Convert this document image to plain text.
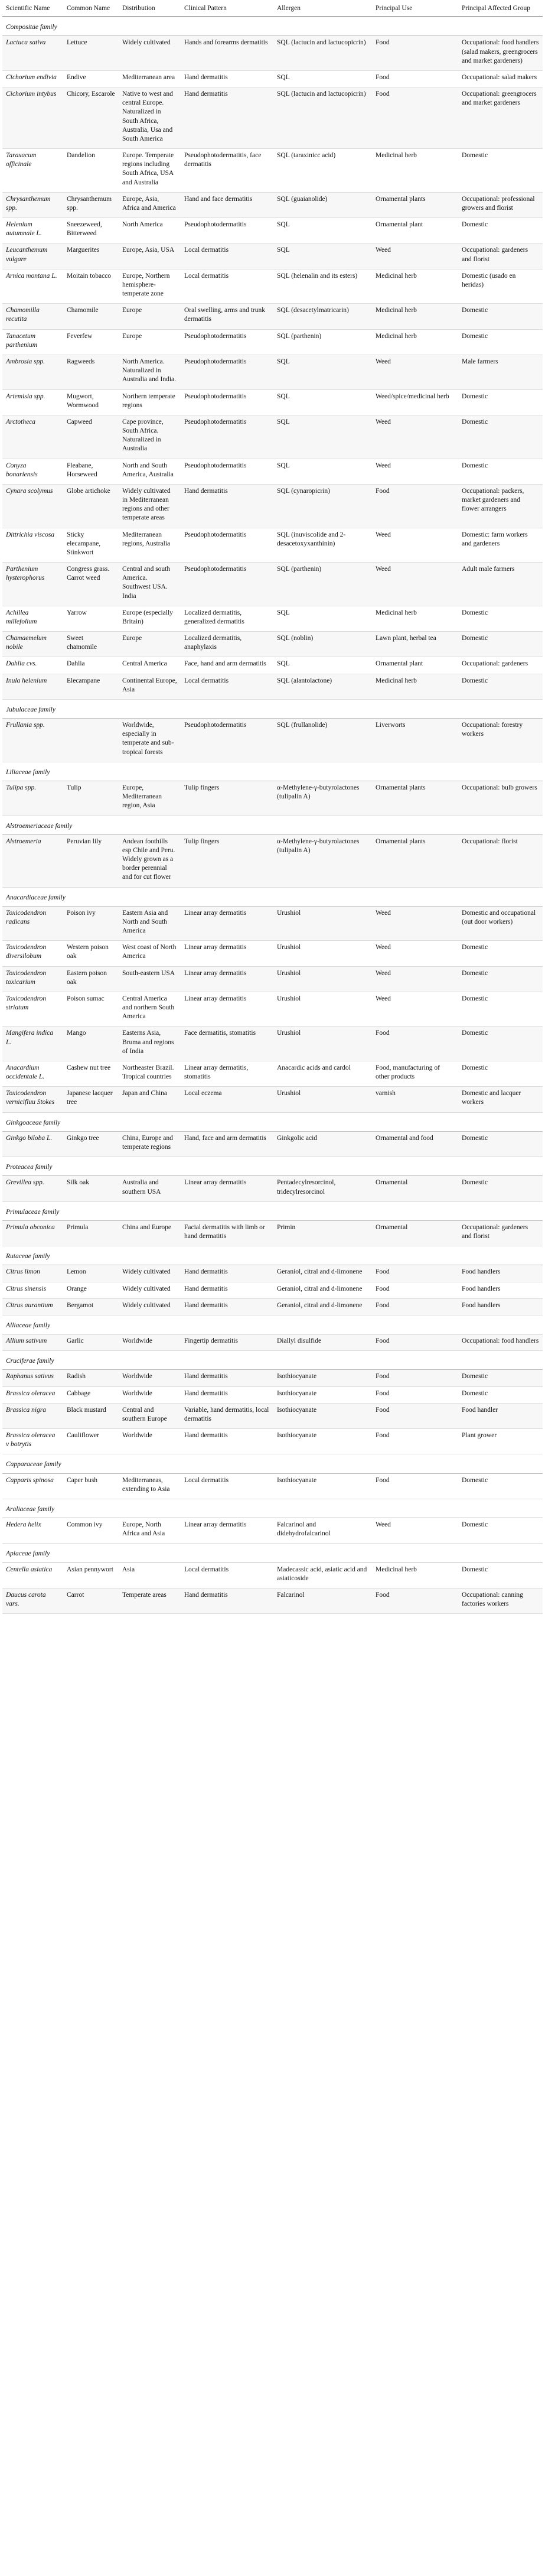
Scientific Name	Common Name	Distribution	Clinical Pattern	Allergen	Principal Use	Principal Affected Group
Compositae family						
Lactuca sativa	Lettuce	Widely cultivated	Hands and forearms dermatitis	SQL (lactucin and lactucopicrin)	Food	Occupational: food handlers (salad makers, greengrocers and market gardeners)
Cichorium endivia	Endive	Mediterranean area	Hand dermatitis	SQL	Food	Occupational: salad makers
Cichorium intybus	Chicory, Escarole	Native to west and central Europe. Naturalized in South Africa, Australia, Usa and South America	Hand dermatitis	SQL (lactucin and lactucopicrin)	Food	Occupational: greengrocers and market gardeners
Taraxacum officinale	Dandelion	Europe. Temperate regions including South Africa, USA and Australia	Pseudophotodermatitis, face dermatitis	SQL (taraxinicc acid)	Medicinal herb	Domestic
Chrysanthemum spp.	Chrysanthemum spp.	Europe, Asia, Africa and America	Hand and face dermatitis	SQL (guaianolide)	Ornamental plants	Occupational: professional growers and florist
Helenium autumnale L.	Sneezeweed, Bitterweed	North America	Pseudophotodermatitis	SQL	Ornamental plant	Domestic
Leucanthemum vulgare	Marguerites	Europe, Asia, USA	Local dermatitis	SQL	Weed	Occupational: gardeners and florist
Arnica montana L.	Moitain tobacco	Europe, Northern hemisphere-temperate zone	Local dermatitis	SQL (helenalin and its esters)	Medicinal herb	Domestic (usado en heridas)
Chamomilla recutita	Chamomile	Europe	Oral swelling, arms and trunk dermatitis	SQL (desacetylmatricarin)	Medicinal herb	Domestic
Tanacetum parthenium	Feverfew	Europe	Pseudophotodermatitis	SQL (parthenin)	Medicinal herb	Domestic
Ambrosia spp.	Ragweeds	North America. Naturalized in Australia and India.	Pseudophotodermatitis	SQL	Weed	Male farmers
Artemisia spp.	Mugwort, Wormwood	Northern temperate regions	Pseudophotodermatitis	SQL	Weed/spice/medicinal herb	Domestic
Arctotheca	Capweed	Cape province, South Africa. Naturalized in Australia	Pseudophotodermatitis	SQL	Weed	Domestic
Conyza bonariensis	Fleabane, Horseweed	North and South America, Australia	Pseudophotodermatitis	SQL	Weed	Domestic
Cynara scolymus	Globe artichoke	Widely cultivated in Mediterranean regions and other temperate areas	Hand dermatitis	SQL (cynaropicrin)	Food	Occupational: packers, market gardeners and flower arrangers
Dittrichia viscosa	Sticky elecampane, Stinkwort	Mediterranean regions, Australia	Pseudophotodermatitis	SQL (inuviscolide and 2-desacetoxyxanthinin)	Weed	Domestic: farm workers and gardeners
Parthenium hysterophorus	Congress grass. Carrot weed	Central and south America. Southwest USA. India	Pseudophotodermatitis	SQL (parthenin)	Weed	Adult male farmers
Achillea millefolium	Yarrow	Europe (especially Britain)	Localized dermatitis, generalized dermatitis	SQL	Medicinal herb	Domestic
Chamaemelum nobile	Sweet chamomile	Europe	Localized dermatitis, anaphylaxis	SQL (noblin)	Lawn plant, herbal tea	Domestic
Dahlia cvs.	Dahlia	Central America	Face, hand and arm dermatitis	SQL	Ornamental plant	Occupational: gardeners
Inula helenium	Elecampane	Continental Europe, Asia	Local dermatitis	SQL (alantolactone)	Medicinal herb	Domestic
Jubulaceae family						
Frullania spp.		Worldwide, especially in temperate and sub-tropical forests	Pseudophotodermatitis	SQL (frullanolide)	Liverworts	Occupational: forestry workers
Liliaceae family						
Tulipa spp.	Tulip	Europe, Mediterranean region, Asia	Tulip fingers	α-Methylene-γ-butyrolactones (tulipalin A)	Ornamental plants	Occupational: bulb growers
Alstroemeriaceae family						
Alstroemeria	Peruvian lily	Andean foothills esp Chile and Peru. Widely grown as a border perennial and for cut flower	Tulip fingers	α-Methylene-γ-butyrolactones (tulipalin A)	Ornamental plants	Occupational: florist
Anacardiaceae family						
Toxicodendron radicans	Poison ivy	Eastern Asia and North and South America	Linear array dermatitis	Urushiol	Weed	Domestic and occupational (out door workers)
Toxicodendron diversilobum	Western poison oak	West coast of North America	Linear array dermatitis	Urushiol	Weed	Domestic
Toxicodendron toxicarium	Eastern poison oak	South-eastern USA	Linear array dermatitis	Urushiol	Weed	Domestic
Toxicodendron striatum	Poison sumac	Central America and northern South America	Linear array dermatitis	Urushiol	Weed	Domestic
Mangifera indica L.	Mango	Easterns Asia, Bruma and regions of India	Face dermatitis, stomatitis	Urushiol	Food	Domestic
Anacardium occidentale L.	Cashew nut tree	Northeaster Brazil. Tropical countries	Linear array dermatitis, stomatitis	Anacardic acids and cardol	Food, manufacturing of other products	Domestic
Toxicodendron vernicifluu Stokes	Japanese lacquer tree	Japan and China	Local eczema	Urushiol	varnish	Domestic and lacquer workers
Ginkgoaceae family						
Ginkgo biloba L.	Ginkgo tree	China, Europe and temperate regions	Hand, face and arm dermatitis	Ginkgolic acid	Ornamental and food	Domestic
Proteacea family						
Grevillea spp.	Silk oak	Australia and southern USA	Linear array dermatitis	Pentadecylresorcinol, tridecylresorcinol	Ornamental	Domestic
Primulaceae family						
Primula obconica	Primula	China and Europe	Facial dermatitis with limb or hand dermatitis	Primin	Ornamental	Occupational: gardeners and florist
Rutaceae family						
Citrus limon	Lemon	Widely cultivated	Hand dermatitis	Geraniol, citral and d-limonene	Food	Food handlers
Citrus sinensis	Orange	Widely cultivated	Hand dermatitis	Geraniol, citral and d-limonene	Food	Food handlers
Citrus aurantium	Bergamot	Widely cultivated	Hand dermatitis	Geraniol, citral and d-limonene	Food	Food handlers
Alliaceae family						
Allium sativum	Garlic	Worldwide	Fingertip dermatitis	Diallyl disulfide	Food	Occupational: food handlers
Cruciferae family						
Raphanus sativus	Radish	Worldwide	Hand dermatitis	Isothiocyanate	Food	Domestic
Brassica oleracea	Cabbage	Worldwide	Hand dermatitis	Isothiocyanate	Food	Domestic
Brassica nigra	Black mustard	Central and southern Europe	Variable, hand dermatitis, local dermatitis	Isothiocyanate	Food	Food handler
Brassica oleracea v botrytis	Cauliflower	Worldwide	Hand dermatitis	Isothiocyanate	Food	Plant grower
Capparaceae family						
Capparis spinosa	Caper bush	Mediterraneas, extending to Asia	Local dermatitis	Isothiocyanate	Food	Domestic
Araliaceae family						
Hedera helix	Common ivy	Europe, North Africa and Asia	Linear array dermatitis	Falcarinol and didehydrofalcarinol	Weed	Domestic
Apiaceae family						
Centella asiatica	Asian pennywort	Asia	Local dermatitis	Madecassic acid, asiatic acid and asiaticoside	Medicinal herb	Domestic
Daucus carota vars.	Carrot	Temperate areas	Hand dermatitis	Falcarinol	Food	Occupational: canning factories workers
